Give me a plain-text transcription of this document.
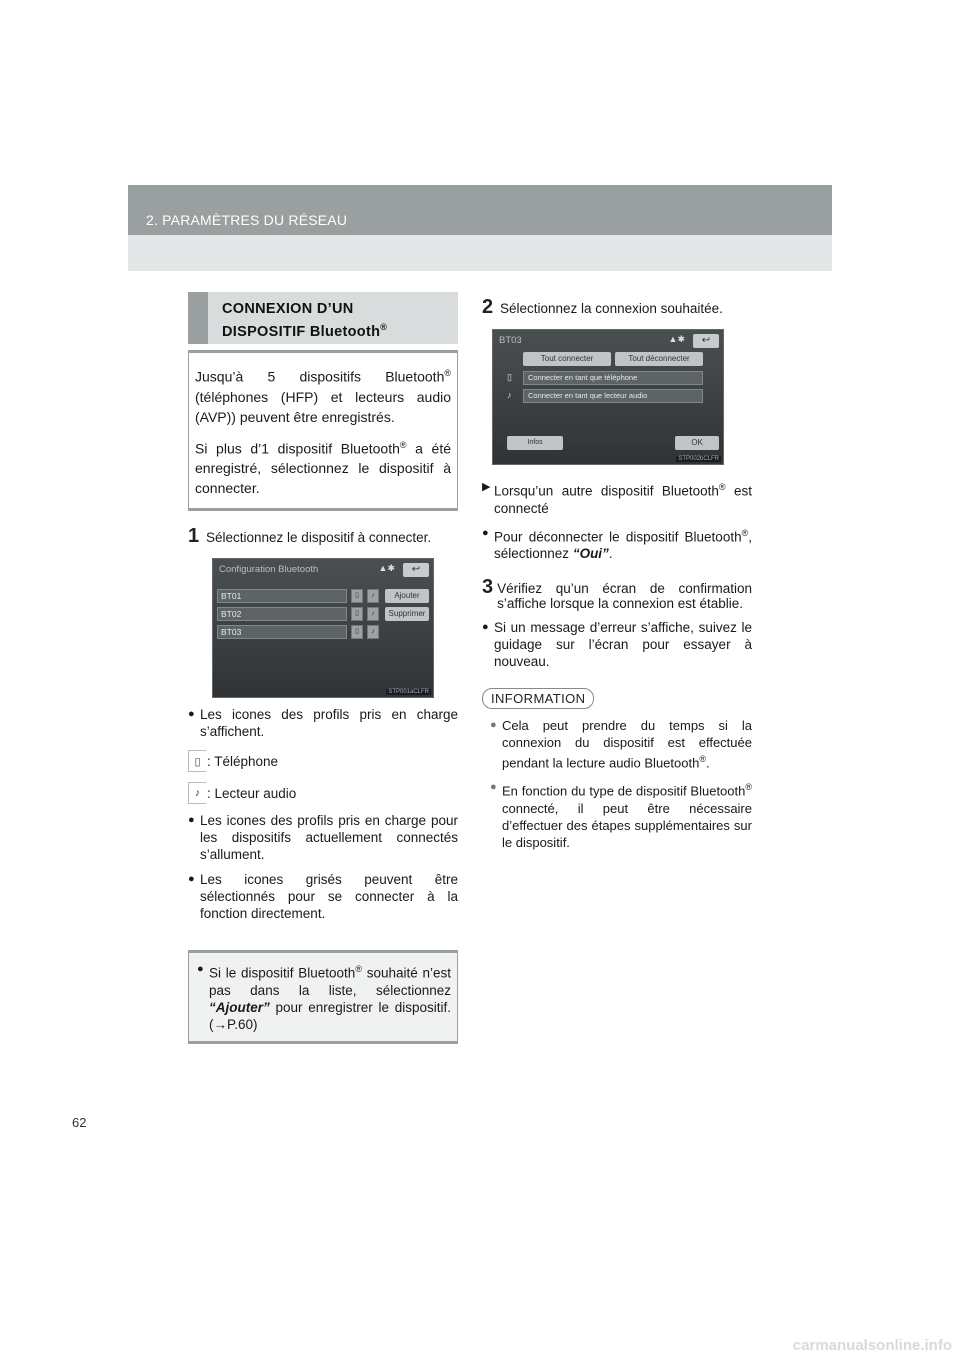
2. PARAMÈTRES DU RÉSEAU
CONNEXION D’UN
DISPOSITIF Bluetooth®

Jusqu’à 5 dispositifs Bluetooth® (téléphones (HFP) et lecteurs audio (AVP)) peuvent être enregistrés.

Si plus d’1 dispositif Bluetooth® a été enregistré, sélectionnez le dispositif à connecter.

1 Sélectionnez le dispositif à connecter.
Configuration Bluetooth	▲✱	↩
BT01	▯	♪	Ajouter
BT02	▯	♪	Supprimer
BT03	▯	♪
STP001aCLFR
● Les icones des profils pris en charge s’affichent.
▯ : Téléphone
♪ : Lecteur audio
● Les icones des profils pris en charge pour les dispositifs actuellement connectés s’allument.
● Les icones grisés peuvent être sélectionnés pour se connecter à la fonction directement.
● Si le dispositif Bluetooth® souhaité n’est pas dans la liste, sélectionnez “Ajouter” pour enregistrer le dispositif. (→P.60)
2 Sélectionnez la connexion souhaitée.
BT03	▲✱	↩
Tout connecter	Tout déconnecter
▯	Connecter en tant que téléphone
♪	Connecter en tant que lecteur audio
Infos périphérique
OK
STP002bCLFR
▶ Lorsqu’un autre dispositif Bluetooth® est connecté
● Pour déconnecter le dispositif Bluetooth®, sélectionnez “Oui”.
3 Vérifiez qu’un écran de confirmation s’affiche lorsque la connexion est établie.
● Si un message d’erreur s’affiche, suivez le guidage sur l’écran pour essayer à nouveau.
INFORMATION
● Cela peut prendre du temps si la connexion du dispositif est effectuée pendant la lecture audio Bluetooth®.
● En fonction du type de dispositif Bluetooth® connecté, il peut être nécessaire d’effectuer des étapes supplémentaires sur le dispositif.
62
carmanualsonline.info
